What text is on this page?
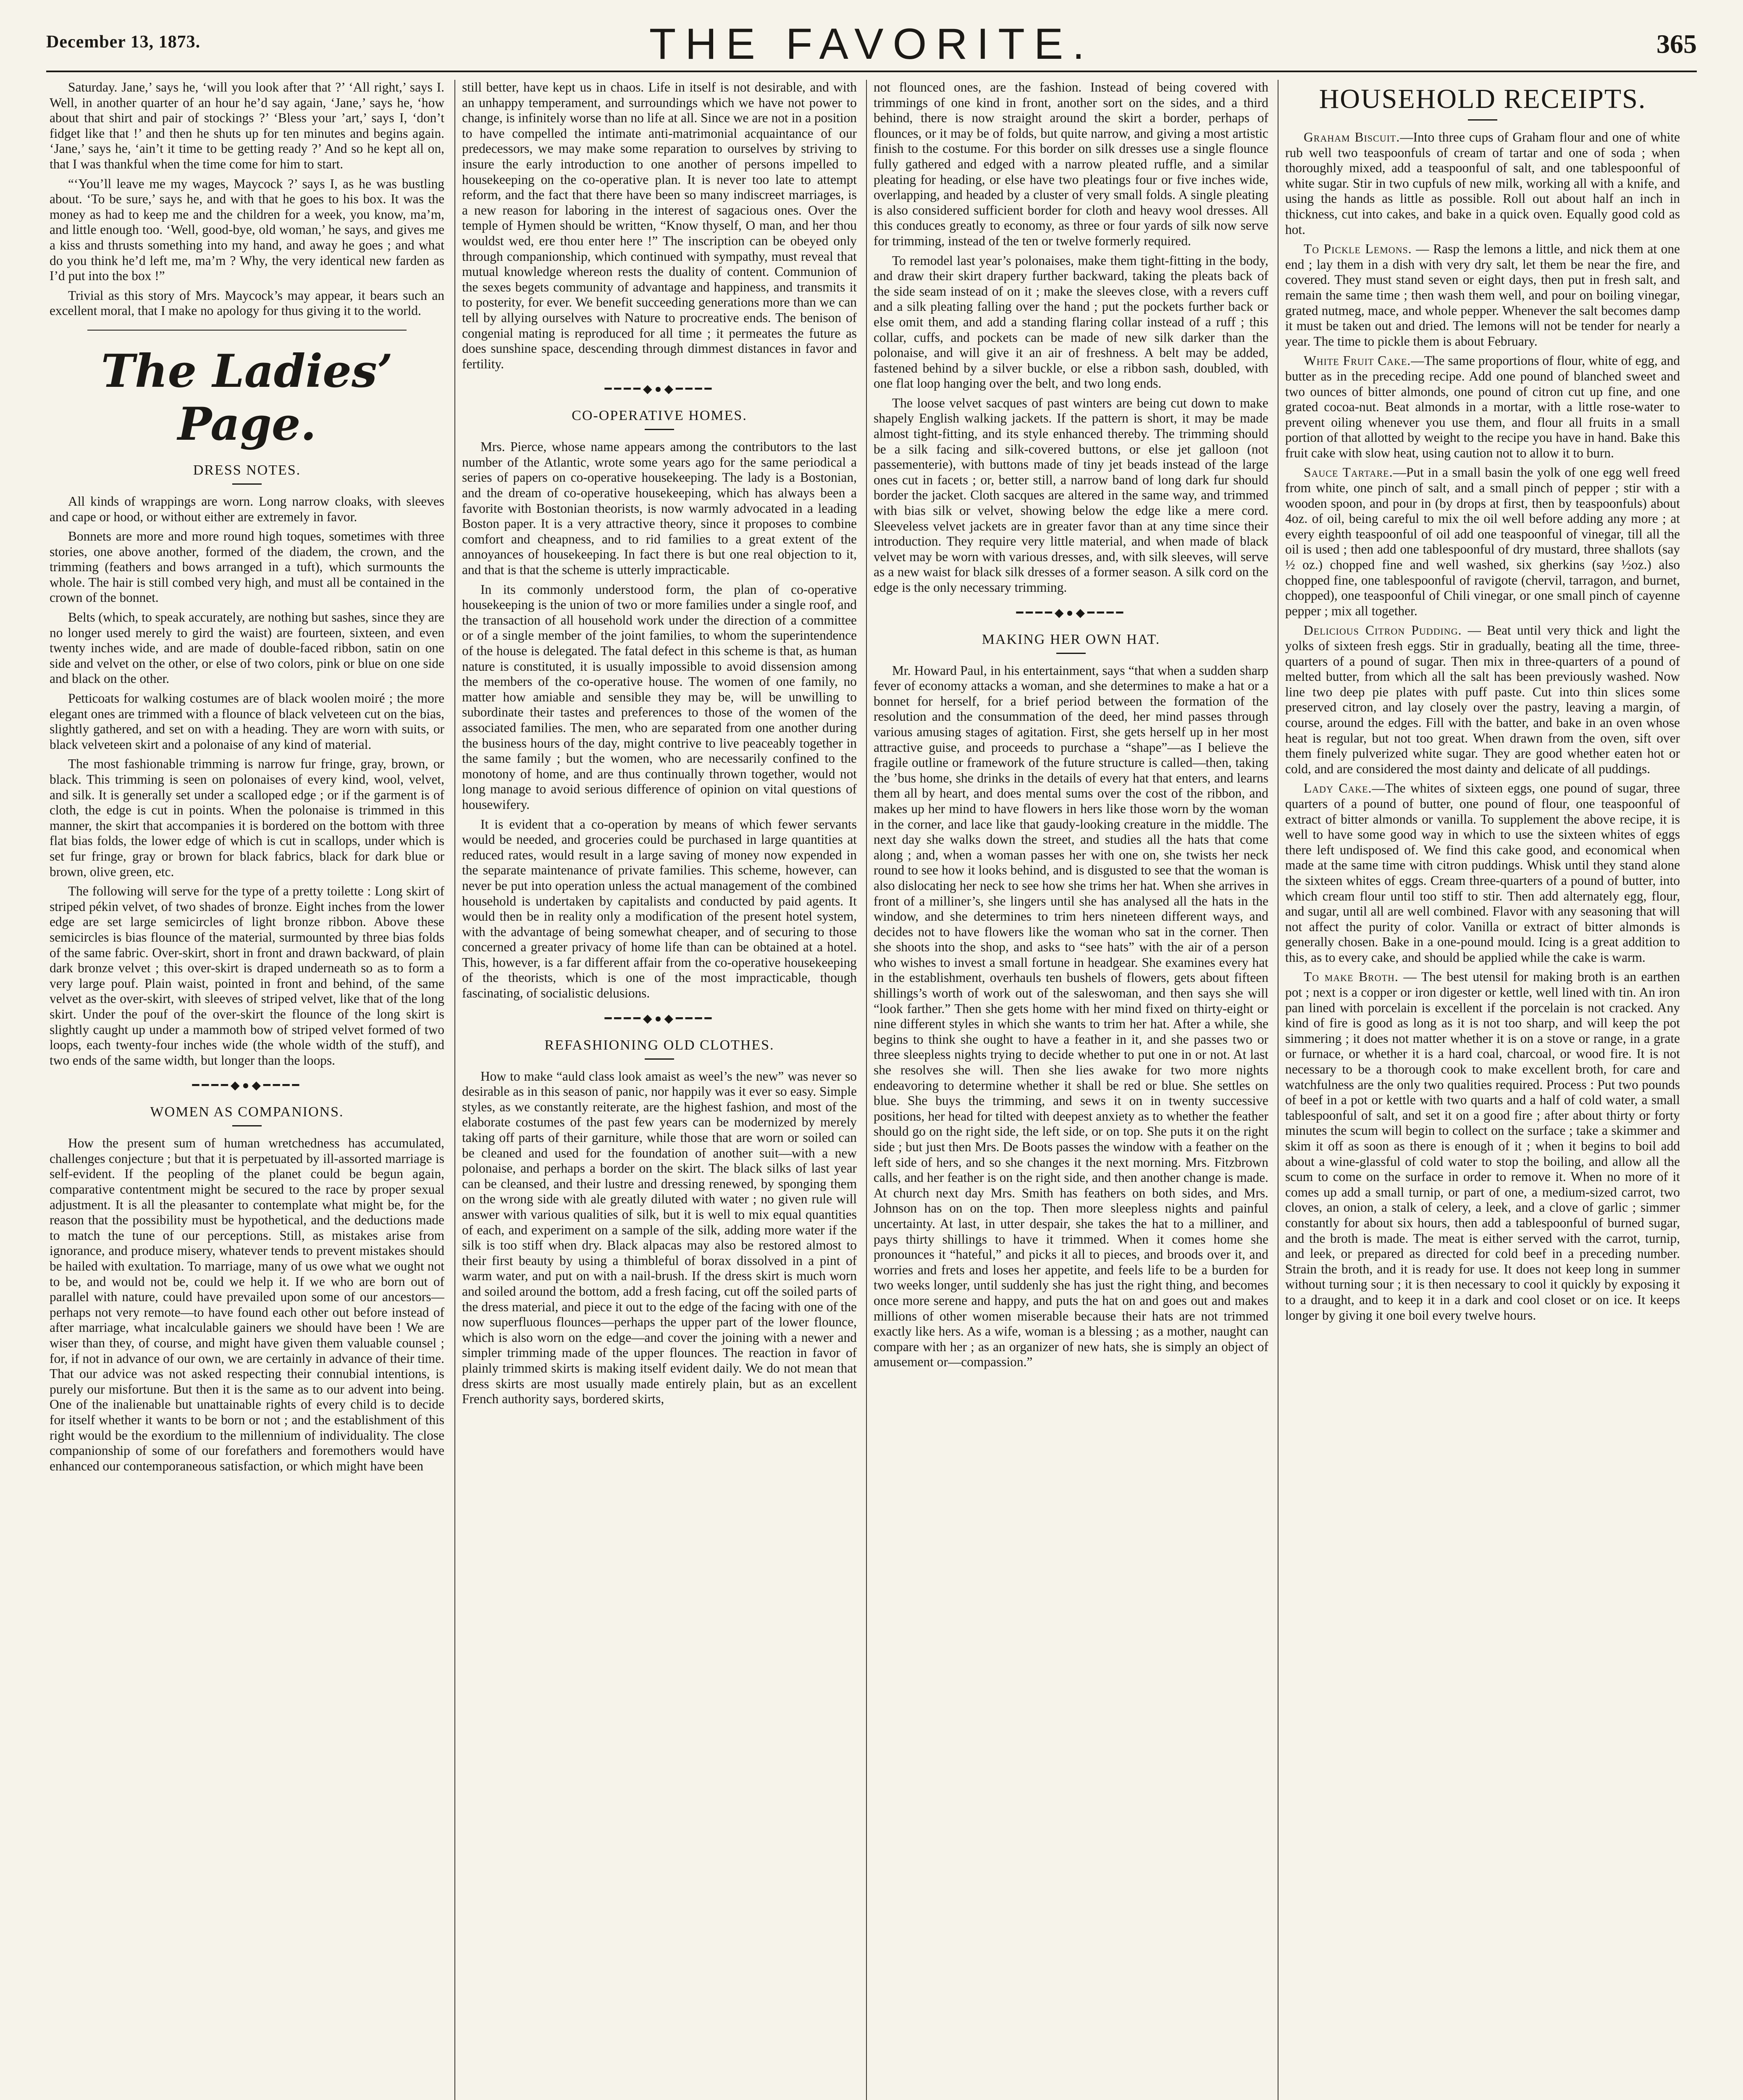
December 13, 1873.	THE FAVORITE.	365

Saturday. Jane,’ says he, ‘will you look after that ?’ ‘All right,’ says I. Well, in another quarter of an hour he’d say again, ‘Jane,’ says he, ‘how about that shirt and pair of stockings ?’ ‘Bless your ’art,’ says I, ‘don’t fidget like that !’ and then he shuts up for ten minutes and begins again. ‘Jane,’ says he, ‘ain’t it time to be getting ready ?’ And so he kept all on, that I was thankful when the time come for him to start.

“‘You’ll leave me my wages, Maycock ?’ says I, as he was bustling about. ‘To be sure,’ says he, and with that he goes to his box. It was the money as had to keep me and the children for a week, you know, ma’m, and little enough too. ‘Well, good-bye, old woman,’ he says, and gives me a kiss and thrusts something into my hand, and away he goes ; and what do you think he’d left me, ma’m ? Why, the very identical new farden as I’d put into the box !”

Trivial as this story of Mrs. Maycock’s may appear, it bears such an excellent moral, that I make no apology for thus giving it to the world.

The Ladies’ Page.
DRESS NOTES.

All kinds of wrappings are worn. Long narrow cloaks, with sleeves and cape or hood, or without either are extremely in favor.

Bonnets are more and more round high toques, sometimes with three stories, one above another, formed of the diadem, the crown, and the trimming (feathers and bows arranged in a tuft), which surmounts the whole. The hair is still combed very high, and must all be contained in the crown of the bonnet.

Belts (which, to speak accurately, are nothing but sashes, since they are no longer used merely to gird the waist) are fourteen, sixteen, and even twenty inches wide, and are made of double-faced ribbon, satin on one side and velvet on the other, or else of two colors, pink or blue on one side and black on the other.

Petticoats for walking costumes are of black woolen moiré ; the more elegant ones are trimmed with a flounce of black velveteen cut on the bias, slightly gathered, and set on with a heading. They are worn with suits, or black velveteen skirt and a polonaise of any kind of material.

The most fashionable trimming is narrow fur fringe, gray, brown, or black. This trimming is seen on polonaises of every kind, wool, velvet, and silk. It is generally set under a scalloped edge ; or if the garment is of cloth, the edge is cut in points. When the polonaise is trimmed in this manner, the skirt that accompanies it is bordered on the bottom with three flat bias folds, the lower edge of which is cut in scallops, under which is set fur fringe, gray or brown for black fabrics, black for dark blue or brown, olive green, etc.

The following will serve for the type of a pretty toilette : Long skirt of striped pékin velvet, of two shades of bronze. Eight inches from the lower edge are set large semicircles of light bronze ribbon. Above these semicircles is bias flounce of the material, surmounted by three bias folds of the same fabric. Over-skirt, short in front and drawn backward, of plain dark bronze velvet ; this over-skirt is draped underneath so as to form a very large pouf. Plain waist, pointed in front and behind, of the same velvet as the over-skirt, with sleeves of striped velvet, like that of the long skirt. Under the pouf of the over-skirt the flounce of the long skirt is slightly caught up under a mammoth bow of striped velvet formed of two loops, each twenty-four inches wide (the whole width of the stuff), and two ends of the same width, but longer than the loops.

━━━━◆●◆━━━━
WOMEN AS COMPANIONS.

How the present sum of human wretchedness has accumulated, challenges conjecture ; but that it is perpetuated by ill-assorted marriage is self-evident. If the peopling of the planet could be begun again, comparative contentment might be secured to the race by proper sexual adjustment. It is all the pleasanter to contemplate what might be, for the reason that the possibility must be hypothetical, and the deductions made to match the tune of our perceptions. Still, as mistakes arise from ignorance, and produce misery, whatever tends to prevent mistakes should be hailed with exultation. To marriage, many of us owe what we ought not to be, and would not be, could we help it. If we who are born out of parallel with nature, could have prevailed upon some of our ancestors—perhaps not very remote—to have found each other out before instead of after marriage, what incalculable gainers we should have been ! We are wiser than they, of course, and might have given them valuable counsel ; for, if not in advance of our own, we are certainly in advance of their time. That our advice was not asked respecting their connubial intentions, is purely our misfortune. But then it is the same as to our advent into being. One of the inalienable but unattainable rights of every child is to decide for itself whether it wants to be born or not ; and the establishment of this right would be the exordium to the millennium of individuality. The close companionship of some of our forefathers and foremothers would have enhanced our contemporaneous satisfaction, or which might have been

still better, have kept us in chaos. Life in itself is not desirable, and with an unhappy temperament, and surroundings which we have not power to change, is infinitely worse than no life at all. Since we are not in a position to have compelled the intimate anti-matrimonial acquaintance of our predecessors, we may make some reparation to ourselves by striving to insure the early introduction to one another of persons impelled to housekeeping on the co-operative plan. It is never too late to attempt reform, and the fact that there have been so many indiscreet marriages, is a new reason for laboring in the interest of sagacious ones. Over the temple of Hymen should be written, “Know thyself, O man, and her thou wouldst wed, ere thou enter here !” The inscription can be obeyed only through companionship, which continued with sympathy, must reveal that mutual knowledge whereon rests the duality of content. Communion of the sexes begets community of advantage and happiness, and transmits it to posterity, for ever. We benefit succeeding generations more than we can tell by allying ourselves with Nature to procreative ends. The benison of congenial mating is reproduced for all time ; it permeates the future as does sunshine space, descending through dimmest distances in favor and fertility.

━━━━◆●◆━━━━
CO-OPERATIVE HOMES.

Mrs. Pierce, whose name appears among the contributors to the last number of the Atlantic, wrote some years ago for the same periodical a series of papers on co-operative housekeeping. The lady is a Bostonian, and the dream of co-operative housekeeping, which has always been a favorite with Bostonian theorists, is now warmly advocated in a leading Boston paper. It is a very attractive theory, since it proposes to combine comfort and cheapness, and to rid families to a great extent of the annoyances of housekeeping. In fact there is but one real objection to it, and that is that the scheme is utterly impracticable.

In its commonly understood form, the plan of co-operative housekeeping is the union of two or more families under a single roof, and the transaction of all household work under the direction of a committee or of a single member of the joint families, to whom the superintendence of the house is delegated. The fatal defect in this scheme is that, as human nature is constituted, it is usually impossible to avoid dissension among the members of the co-operative house. The women of one family, no matter how amiable and sensible they may be, will be unwilling to subordinate their tastes and preferences to those of the women of the associated families. The men, who are separated from one another during the business hours of the day, might contrive to live peaceably together in the same family ; but the women, who are necessarily confined to the monotony of home, and are thus continually thrown together, would not long manage to avoid serious difference of opinion on vital questions of housewifery.

It is evident that a co-operation by means of which fewer servants would be needed, and groceries could be purchased in large quantities at reduced rates, would result in a large saving of money now expended in the separate maintenance of private families. This scheme, however, can never be put into operation unless the actual management of the combined household is undertaken by capitalists and conducted by paid agents. It would then be in reality only a modification of the present hotel system, with the advantage of being somewhat cheaper, and of securing to those concerned a greater privacy of home life than can be obtained at a hotel. This, however, is a far different affair from the co-operative housekeeping of the theorists, which is one of the most impracticable, though fascinating, of socialistic delusions.

━━━━◆●◆━━━━
REFASHIONING OLD CLOTHES.

How to make “auld class look amaist as weel’s the new” was never so desirable as in this season of panic, nor happily was it ever so easy. Simple styles, as we constantly reiterate, are the highest fashion, and most of the elaborate costumes of the past few years can be modernized by merely taking off parts of their garniture, while those that are worn or soiled can be cleaned and used for the foundation of another suit—with a new polonaise, and perhaps a border on the skirt. The black silks of last year can be cleansed, and their lustre and dressing renewed, by sponging them on the wrong side with ale greatly diluted with water ; no given rule will answer with various qualities of silk, but it is well to mix equal quantities of each, and experiment on a sample of the silk, adding more water if the silk is too stiff when dry. Black alpacas may also be restored almost to their first beauty by using a thimbleful of borax dissolved in a pint of warm water, and put on with a nail-brush. If the dress skirt is much worn and soiled around the bottom, add a fresh facing, cut off the soiled parts of the dress material, and piece it out to the edge of the facing with one of the now superfluous flounces—perhaps the upper part of the lower flounce, which is also worn on the edge—and cover the joining with a newer and simpler trimming made of the upper flounces. The reaction in favor of plainly trimmed skirts is making itself evident daily. We do not mean that dress skirts are most usually made entirely plain, but as an excellent French authority says, bordered skirts,

not flounced ones, are the fashion. Instead of being covered with trimmings of one kind in front, another sort on the sides, and a third behind, there is now straight around the skirt a border, perhaps of flounces, or it may be of folds, but quite narrow, and giving a most artistic finish to the costume. For this border on silk dresses use a single flounce fully gathered and edged with a narrow pleated ruffle, and a similar pleating for heading, or else have two pleatings four or five inches wide, overlapping, and headed by a cluster of very small folds. A single pleating is also considered sufficient border for cloth and heavy wool dresses. All this conduces greatly to economy, as three or four yards of silk now serve for trimming, instead of the ten or twelve formerly required.

To remodel last year’s polonaises, make them tight-fitting in the body, and draw their skirt drapery further backward, taking the pleats back of the side seam instead of on it ; make the sleeves close, with a revers cuff and a silk pleating falling over the hand ; put the pockets further back or else omit them, and add a standing flaring collar instead of a ruff ; this collar, cuffs, and pockets can be made of new silk darker than the polonaise, and will give it an air of freshness. A belt may be added, fastened behind by a silver buckle, or else a ribbon sash, doubled, with one flat loop hanging over the belt, and two long ends.

The loose velvet sacques of past winters are being cut down to make shapely English walking jackets. If the pattern is short, it may be made almost tight-fitting, and its style enhanced thereby. The trimming should be a silk facing and silk-covered buttons, or else jet galloon (not passementerie), with buttons made of tiny jet beads instead of the large ones cut in facets ; or, better still, a narrow band of long dark fur should border the jacket. Cloth sacques are altered in the same way, and trimmed with bias silk or velvet, showing below the edge like a mere cord. Sleeveless velvet jackets are in greater favor than at any time since their introduction. They require very little material, and when made of black velvet may be worn with various dresses, and, with silk sleeves, will serve as a new waist for black silk dresses of a former season. A silk cord on the edge is the only necessary trimming.

━━━━◆●◆━━━━
MAKING HER OWN HAT.

Mr. Howard Paul, in his entertainment, says “that when a sudden sharp fever of economy attacks a woman, and she determines to make a hat or a bonnet for herself, for a brief period between the formation of the resolution and the consummation of the deed, her mind passes through various amusing stages of agitation. First, she gets herself up in her most attractive guise, and proceeds to purchase a “shape”—as I believe the fragile outline or framework of the future structure is called—then, taking the ’bus home, she drinks in the details of every hat that enters, and learns them all by heart, and does mental sums over the cost of the ribbon, and makes up her mind to have flowers in hers like those worn by the woman in the corner, and lace like that gaudy-looking creature in the middle. The next day she walks down the street, and studies all the hats that come along ; and, when a woman passes her with one on, she twists her neck round to see how it looks behind, and is disgusted to see that the woman is also dislocating her neck to see how she trims her hat. When she arrives in front of a milliner’s, she lingers until she has analysed all the hats in the window, and she determines to trim hers nineteen different ways, and decides not to have flowers like the woman who sat in the corner. Then she shoots into the shop, and asks to “see hats” with the air of a person who wishes to invest a small fortune in headgear. She examines every hat in the establishment, overhauls ten bushels of flowers, gets about fifteen shillings’s worth of work out of the saleswoman, and then says she will “look farther.” Then she gets home with her mind fixed on thirty-eight or nine different styles in which she wants to trim her hat. After a while, she begins to think she ought to have a feather in it, and she passes two or three sleepless nights trying to decide whether to put one in or not. At last she resolves she will. Then she lies awake for two more nights endeavoring to determine whether it shall be red or blue. She settles on blue. She buys the trimming, and sews it on in twenty successive positions, her head for tilted with deepest anxiety as to whether the feather should go on the right side, the left side, or on top. She puts it on the right side ; but just then Mrs. De Boots passes the window with a feather on the left side of hers, and so she changes it the next morning. Mrs. Fitzbrown calls, and her feather is on the right side, and then another change is made. At church next day Mrs. Smith has feathers on both sides, and Mrs. Johnson has on on the top. Then more sleepless nights and painful uncertainty. At last, in utter despair, she takes the hat to a milliner, and pays thirty shillings to have it trimmed. When it comes home she pronounces it “hateful,” and picks it all to pieces, and broods over it, and worries and frets and loses her appetite, and feels life to be a burden for two weeks longer, until suddenly she has just the right thing, and becomes once more serene and happy, and puts the hat on and goes out and makes millions of other women miserable because their hats are not trimmed exactly like hers. As a wife, woman is a blessing ; as a mother, naught can compare with her ; as an organizer of new hats, she is simply an object of amusement or—compassion.”

HOUSEHOLD RECEIPTS.

Graham Biscuit.—Into three cups of Graham flour and one of white rub well two teaspoonfuls of cream of tartar and one of soda ; when thoroughly mixed, add a teaspoonful of salt, and one tablespoonful of white sugar. Stir in two cupfuls of new milk, working all with a knife, and using the hands as little as possible. Roll out about half an inch in thickness, cut into cakes, and bake in a quick oven. Equally good cold as hot.

To Pickle Lemons. — Rasp the lemons a little, and nick them at one end ; lay them in a dish with very dry salt, let them be near the fire, and covered. They must stand seven or eight days, then put in fresh salt, and remain the same time ; then wash them well, and pour on boiling vinegar, grated nutmeg, mace, and whole pepper. Whenever the salt becomes damp it must be taken out and dried. The lemons will not be tender for nearly a year. The time to pickle them is about February.

White Fruit Cake.—The same proportions of flour, white of egg, and butter as in the preceding recipe. Add one pound of blanched sweet and two ounces of bitter almonds, one pound of citron cut up fine, and one grated cocoa-nut. Beat almonds in a mortar, with a little rose-water to prevent oiling whenever you use them, and flour all fruits in a small portion of that allotted by weight to the recipe you have in hand. Bake this fruit cake with slow heat, using caution not to allow it to burn.

Sauce Tartare.—Put in a small basin the yolk of one egg well freed from white, one pinch of salt, and a small pinch of pepper ; stir with a wooden spoon, and pour in (by drops at first, then by teaspoonfuls) about 4oz. of oil, being careful to mix the oil well before adding any more ; at every eighth teaspoonful of oil add one teaspoonful of vinegar, till all the oil is used ; then add one tablespoonful of dry mustard, three shallots (say ½ oz.) chopped fine and well washed, six gherkins (say ½oz.) also chopped fine, one tablespoonful of ravigote (chervil, tarragon, and burnet, chopped), one teaspoonful of Chili vinegar, or one small pinch of cayenne pepper ; mix all together.

Delicious Citron Pudding. — Beat until very thick and light the yolks of sixteen fresh eggs. Stir in gradually, beating all the time, three-quarters of a pound of sugar. Then mix in three-quarters of a pound of melted butter, from which all the salt has been previously washed. Now line two deep pie plates with puff paste. Cut into thin slices some preserved citron, and lay closely over the pastry, leaving a margin, of course, around the edges. Fill with the batter, and bake in an oven whose heat is regular, but not too great. When drawn from the oven, sift over them finely pulverized white sugar. They are good whether eaten hot or cold, and are considered the most dainty and delicate of all puddings.

Lady Cake.—The whites of sixteen eggs, one pound of sugar, three quarters of a pound of butter, one pound of flour, one teaspoonful of extract of bitter almonds or vanilla. To supplement the above recipe, it is well to have some good way in which to use the sixteen whites of eggs there left undisposed of. We find this cake good, and economical when made at the same time with citron puddings. Whisk until they stand alone the sixteen whites of eggs. Cream three-quarters of a pound of butter, into which cream flour until too stiff to stir. Then add alternately egg, flour, and sugar, until all are well combined. Flavor with any seasoning that will not affect the purity of color. Vanilla or extract of bitter almonds is generally chosen. Bake in a one-pound mould. Icing is a great addition to this, as to every cake, and should be applied while the cake is warm.

To make Broth. — The best utensil for making broth is an earthen pot ; next is a copper or iron digester or kettle, well lined with tin. An iron pan lined with porcelain is excellent if the porcelain is not cracked. Any kind of fire is good as long as it is not too sharp, and will keep the pot simmering ; it does not matter whether it is on a stove or range, in a grate or furnace, or whether it is a hard coal, charcoal, or wood fire. It is not necessary to be a thorough cook to make excellent broth, for care and watchfulness are the only two qualities required. Process : Put two pounds of beef in a pot or kettle with two quarts and a half of cold water, a small tablespoonful of salt, and set it on a good fire ; after about thirty or forty minutes the scum will begin to collect on the surface ; take a skimmer and skim it off as soon as there is enough of it ; when it begins to boil add about a wine-glassful of cold water to stop the boiling, and allow all the scum to come on the surface in order to remove it. When no more of it comes up add a small turnip, or part of one, a medium-sized carrot, two cloves, an onion, a stalk of celery, a leek, and a clove of garlic ; simmer constantly for about six hours, then add a tablespoonful of burned sugar, and the broth is made. The meat is either served with the carrot, turnip, and leek, or prepared as directed for cold beef in a preceding number. Strain the broth, and it is ready for use. It does not keep long in summer without turning sour ; it is then necessary to cool it quickly by exposing it to a draught, and to keep it in a dark and cool closet or on ice. It keeps longer by giving it one boil every twelve hours.
